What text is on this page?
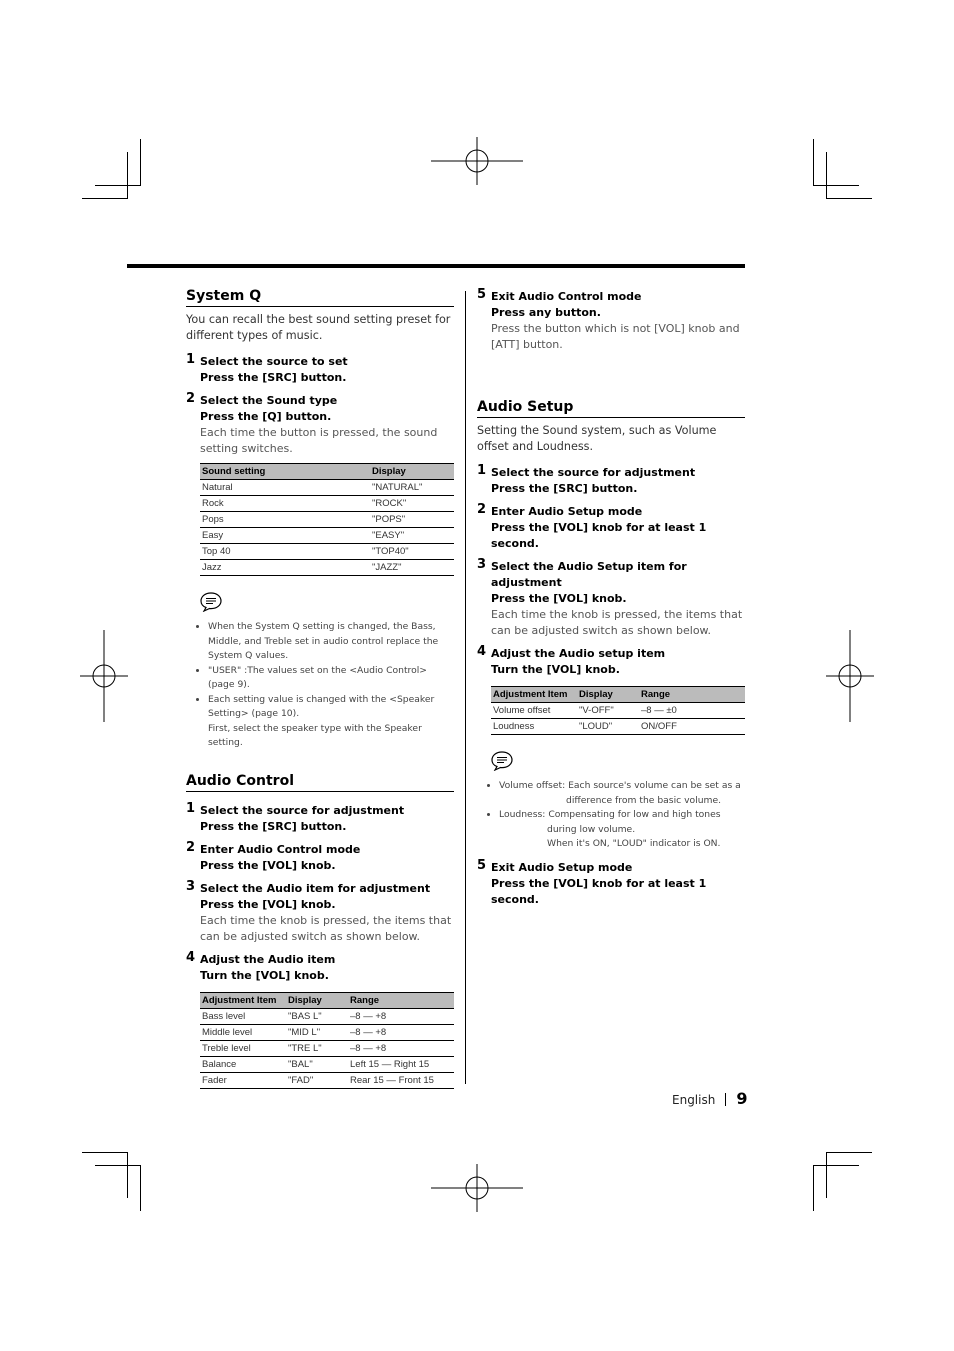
System Q

You can recall the best sound setting preset for different types of music.

1 Select the source to set
Press the [SRC] button.
2 Select the Sound type
Press the [Q] button.
Each time the button is pressed, the sound setting switches.
Sound setting	Display
Natural	"NATURAL"
Rock	"ROCK"
Pops	"POPS"
Easy	"EASY"
Top 40	"TOP40"
Jazz	"JAZZ"
• When the System Q setting is changed, the Bass, Middle, and Treble set in audio control replace the System Q values.
• "USER" :The values set on the <Audio Control> (page 9).
• Each setting value is changed with the <Speaker Setting> (page 10).
First, select the speaker type with the Speaker setting.
Audio Control
1 Select the source for adjustment
Press the [SRC] button.
2 Enter Audio Control mode
Press the [VOL] knob.
3 Select the Audio item for adjustment
Press the [VOL] knob.
Each time the knob is pressed, the items that can be adjusted switch as shown below.
4 Adjust the Audio item
Turn the [VOL] knob.
Adjustment Item	Display	Range
Bass level	"BAS L"	–8 — +8
Middle level	"MID L"	–8 — +8
Treble level	"TRE L"	–8 — +8
Balance	"BAL"	Left 15 — Right 15
Fader	"FAD"	Rear 15 — Front 15
5 Exit Audio Control mode
Press any button.
Press the button which is not [VOL] knob and [ATT] button.
Audio Setup

Setting the Sound system, such as Volume offset and Loudness.

1 Select the source for adjustment
Press the [SRC] button.
2 Enter Audio Setup mode
Press the [VOL] knob for at least 1 second.
3 Select the Audio Setup item for adjustment
Press the [VOL] knob.
Each time the knob is pressed, the items that can be adjusted switch as shown below.
4 Adjust the Audio setup item
Turn the [VOL] knob.
Adjustment Item	Display	Range
Volume offset	"V-OFF"	–8 — ±0
Loudness	"LOUD"	ON/OFF
• Volume offset: Each source's volume can be set as a
difference from the basic volume.
• Loudness: Compensating for low and high tones
during low volume.
When it's ON, "LOUD" indicator is ON.
5 Exit Audio Setup mode
Press the [VOL] knob for at least 1 second.
English 9
